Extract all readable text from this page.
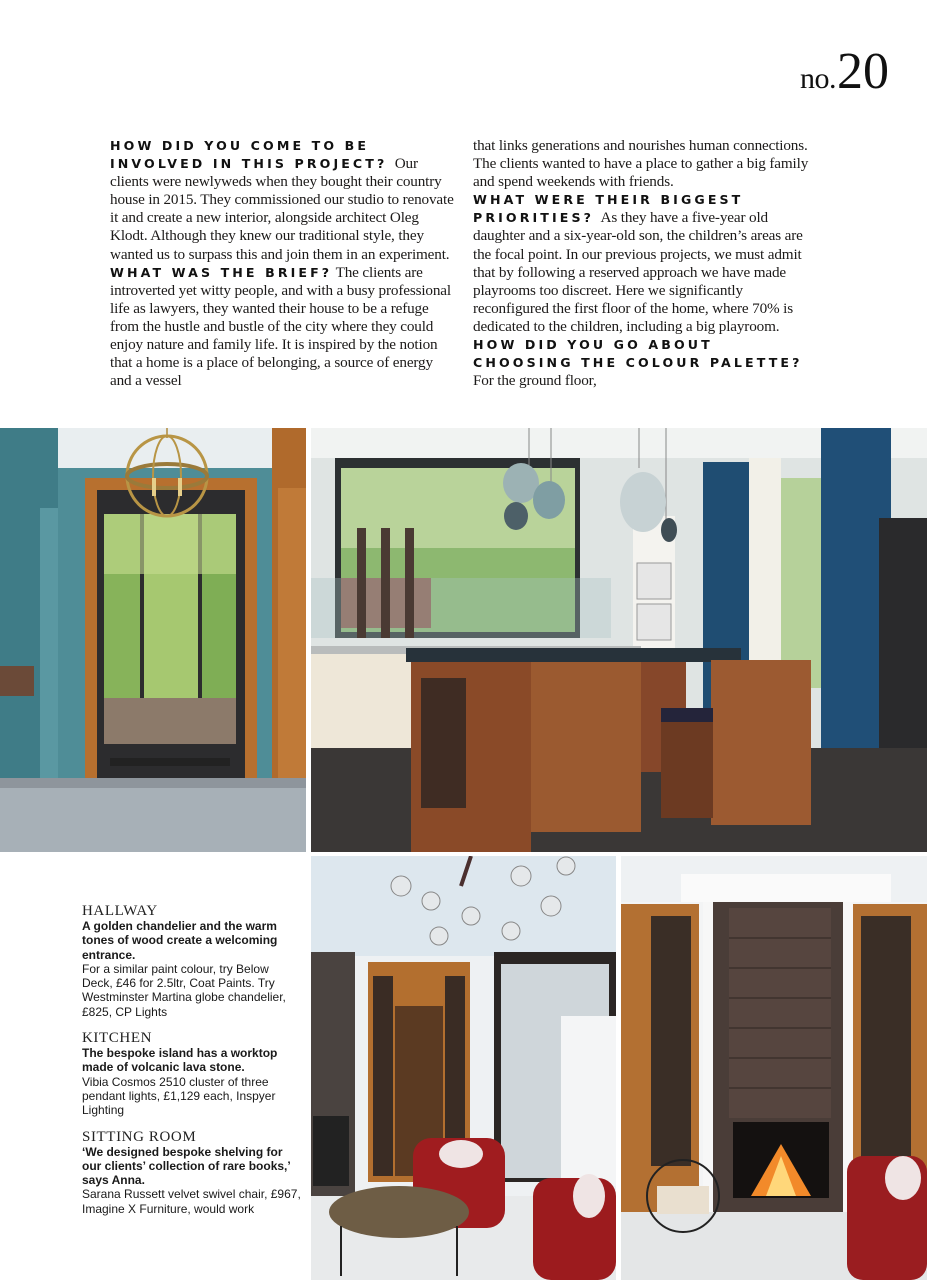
no. 20
HOW DID YOU COME TO BE INVOLVED IN THIS PROJECT? Our clients were newlyweds when they bought their country house in 2015. They commissioned our studio to renovate it and create a new interior, alongside architect Oleg Klodt. Although they knew our traditional style, they wanted us to surpass this and join them in an experiment.
WHAT WAS THE BRIEF? The clients are introverted yet witty people, and with a busy professional life as lawyers, they wanted their house to be a refuge from the hustle and bustle of the city where they could enjoy nature and family life. It is inspired by the notion that a home is a place of belonging, a source of energy and a vessel
that links generations and nourishes human connections. The clients wanted to have a place to gather a big family and spend weekends with friends.
WHAT WERE THEIR BIGGEST PRIORITIES? As they have a five-year old daughter and a six-year-old son, the children’s areas are the focal point. In our previous projects, we must admit that by following a reserved approach we have made playrooms too discreet. Here we significantly reconfigured the first floor of the home, where 70% is dedicated to the children, including a big playroom.
HOW DID YOU GO ABOUT CHOOSING THE COLOUR PALETTE?  For the ground floor,
HALLWAY
A golden chandelier and the warm tones of wood create a welcoming entrance.
For a similar paint colour, try Below Deck, £46 for 2.5ltr, Coat Paints. Try Westminster Martina globe chandelier, £825, CP Lights
KITCHEN
The bespoke island has a worktop made of volcanic lava stone.
Vibia Cosmos 2510 cluster of three pendant lights, £1,129 each, Inspyer Lighting
SITTING ROOM
‘We designed bespoke shelving for our clients’ collection of rare books,’ says Anna.
Sarana Russett velvet swivel chair, £967, Imagine X Furniture, would work
